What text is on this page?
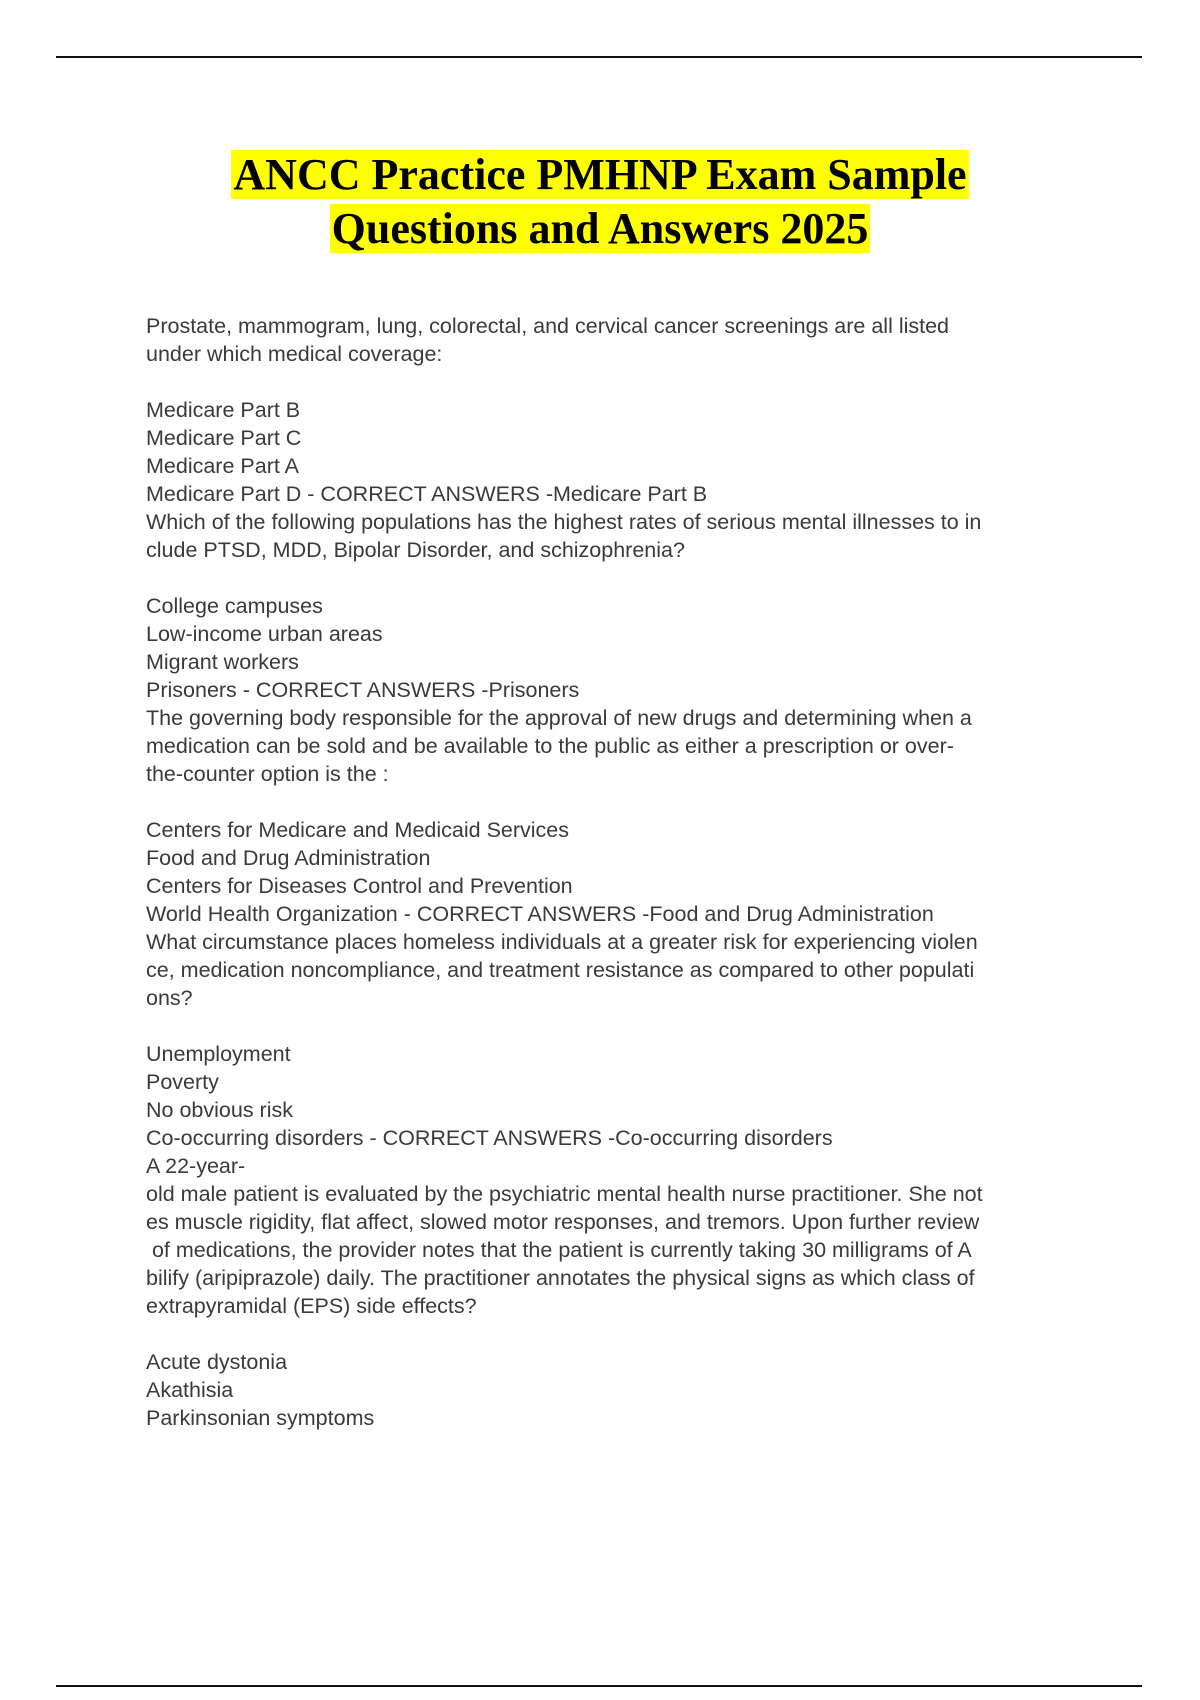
ANCC Practice PMHNP Exam Sample
Questions and Answers 2025
Prostate, mammogram, lung, colorectal, and cervical cancer screenings are all listed
under which medical coverage:
Medicare Part B
Medicare Part C
Medicare Part A
Medicare Part D - CORRECT ANSWERS -Medicare Part B
Which of the following populations has the highest rates of serious mental illnesses to in
clude PTSD, MDD, Bipolar Disorder, and schizophrenia?
College campuses
Low-income urban areas
Migrant workers
Prisoners - CORRECT ANSWERS -Prisoners
The governing body responsible for the approval of new drugs and determining when a
medication can be sold and be available to the public as either a prescription or over-
the-counter option is the :
Centers for Medicare and Medicaid Services
Food and Drug Administration
Centers for Diseases Control and Prevention
World Health Organization - CORRECT ANSWERS -Food and Drug Administration
What circumstance places homeless individuals at a greater risk for experiencing violen
ce, medication noncompliance, and treatment resistance as compared to other populati
ons?
Unemployment
Poverty
No obvious risk
Co-occurring disorders - CORRECT ANSWERS -Co-occurring disorders
A 22-year-
old male patient is evaluated by the psychiatric mental health nurse practitioner. She not
es muscle rigidity, flat affect, slowed motor responses, and tremors. Upon further review
of medications, the provider notes that the patient is currently taking 30 milligrams of A
bilify (aripiprazole) daily. The practitioner annotates the physical signs as which class of
extrapyramidal (EPS) side effects?
Acute dystonia
Akathisia
Parkinsonian symptoms
